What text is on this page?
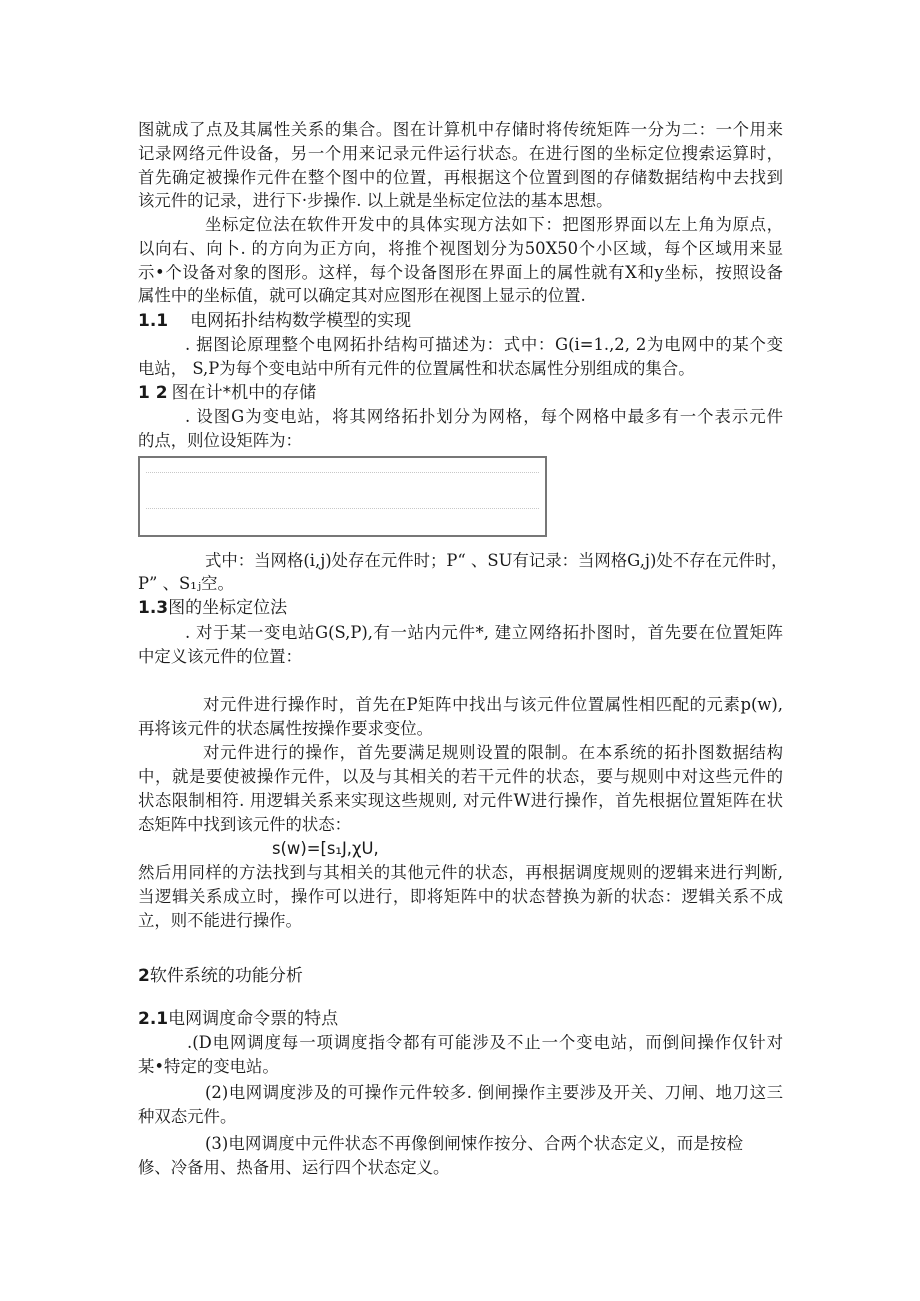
图就成了点及其属性关系的集合。图在计算机中存储时将传统矩阵一分为二：一个用来
记录网络元件设备，另一个用来记录元件运行状态。在进行图的坐标定位搜索运算时，
首先确定被操作元件在整个图中的位置，再根据这个位置到图的存储数据结构中去找到
该元件的记录，进行下·步操作. 以上就是坐标定位法的基本思想。
坐标定位法在软件开发中的具体实现方法如下：把图形界面以左上角为原点，
以向右、向卜. 的方向为正方向，将推个视图划分为50X50个小区域，每个区域用来显
示•个设备对象的图形。这样，每个设备图形在界面上的属性就有X和y坐标，按照设备
属性中的坐标值，就可以确定其对应图形在视图上显示的位置.
1.1 电网拓扑结构数学模型的实现
. 据图论原理整个电网拓扑结构可描述为：式中：G(i=1.,2, 2为电网中的某个变
电站， S,P为每个变电站中所有元件的位置属性和状态属性分别组成的集合。
1 2 图在计*机中的存储
. 设图G为变电站，将其网络拓扑划分为网格，每个网格中最多有一个表示元件
的点，则位设矩阵为：
式中：当网格(i,j)处存在元件时；P“ 、SU有记录：当网格G,j)处不存在元件时，
P” 、S₁ⱼ空。
1.3图的坐标定位法
. 对于某一变电站G(S,P),有一站内元件*, 建立网络拓扑图时，首先要在位置矩阵
中定义该元件的位置：
对元件进行操作时，首先在P矩阵中找出与该元件位置属性相匹配的元素p(w),
再将该元件的状态属性按操作要求变位。
对元件进行的操作，首先要满足规则设置的限制。在本系统的拓扑图数据结构
中，就是要使被操作元件，以及与其相关的若干元件的状态，要与规则中对这些元件的
状态限制相符. 用逻辑关系来实现这些规则, 对元件W进行操作，首先根据位置矩阵在状
态矩阵中找到该元件的状态：
s(w)=[s₁J,χU,
然后用同样的方法找到与其相关的其他元件的状态，再根据调度规则的逻辑来进行判断,
当逻辑关系成立时，操作可以进行，即将矩阵中的状态替换为新的状态：逻辑关系不成
立，则不能进行操作。
2软件系统的功能分析
2.1电网调度命令票的特点
.(D电网调度每一项调度指令都有可能涉及不止一个变电站，而倒间操作仅针对
某•特定的变电站。
(2)电网调度涉及的可操作元件较多. 倒闸操作主要涉及开关、刀闸、地刀这三
种双态元件。
(3)电网调度中元件状态不再像倒闸悚作按分、合两个状态定义，而是按检
修、冷备用、热备用、运行四个状态定义。
